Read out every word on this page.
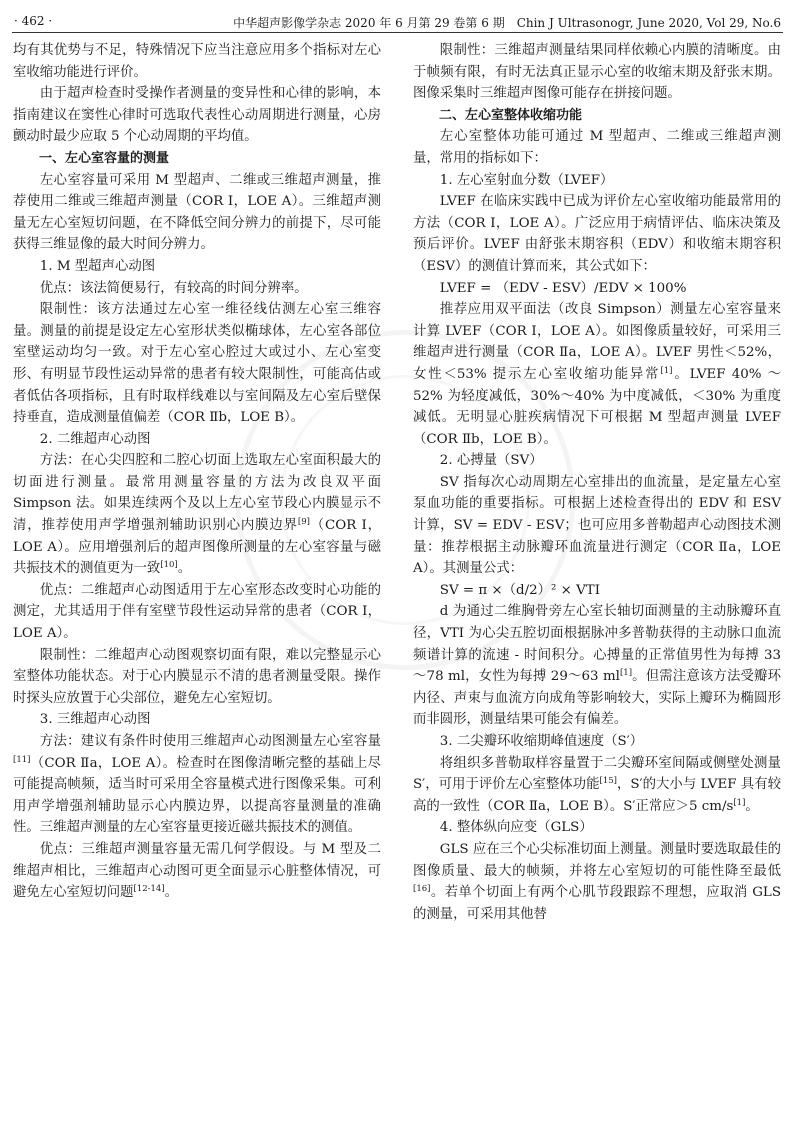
· 462 ·	中华超声影像学杂志 2020 年 6 月第 29 卷第 6 期　Chin J Ultrasonogr, June 2020, Vol 29, No.6

均有其优势与不足，特殊情况下应当注意应用多个指标对左心室收缩功能进行评价。

由于超声检查时受操作者测量的变异性和心律的影响，本指南建议在窦性心律时可选取代表性心动周期进行测量，心房颤动时最少应取 5 个心动周期的平均值。

一、左心室容量的测量

左心室容量可采用 M 型超声、二维或三维超声测量，推荐使用二维或三维超声测量（COR Ⅰ，LOE A）。三维超声测量无左心室短切问题，在不降低空间分辨力的前提下，尽可能获得三维显像的最大时间分辨力。

1. M 型超声心动图

优点：该法简便易行，有较高的时间分辨率。

限制性：该方法通过左心室一维径线估测左心室三维容量。测量的前提是设定左心室形状类似椭球体，左心室各部位室壁运动均匀一致。对于左心室心腔过大或过小、左心室变形、有明显节段性运动异常的患者有较大限制性，可能高估或者低估各项指标，且有时取样线难以与室间隔及左心室后壁保持垂直，造成测量值偏差（COR Ⅱb，LOE B）。

2. 二维超声心动图

方法：在心尖四腔和二腔心切面上选取左心室面积最大的切面进行测量。最常用测量容量的方法为改良双平面 Simpson 法。如果连续两个及以上左心室节段心内膜显示不清，推荐使用声学增强剂辅助识别心内膜边界[9]（COR Ⅰ，LOE A）。应用增强剂后的超声图像所测量的左心室容量与磁共振技术的测值更为一致[10]。

优点：二维超声心动图适用于左心室形态改变时心功能的测定，尤其适用于伴有室壁节段性运动异常的患者（COR Ⅰ，LOE A）。

限制性：二维超声心动图观察切面有限，难以完整显示心室整体功能状态。对于心内膜显示不清的患者测量受限。操作时探头应放置于心尖部位，避免左心室短切。

3. 三维超声心动图

方法：建议有条件时使用三维超声心动图测量左心室容量[11]（COR Ⅱa，LOE A）。检查时在图像清晰完整的基础上尽可能提高帧频，适当时可采用全容量模式进行图像采集。可利用声学增强剂辅助显示心内膜边界，以提高容量测量的准确性。三维超声测量的左心室容量更接近磁共振技术的测值。

优点：三维超声测量容量无需几何学假设。与 M 型及二维超声相比，三维超声心动图可更全面显示心脏整体情况，可避免左心室短切问题[12-14]。

限制性：三维超声测量结果同样依赖心内膜的清晰度。由于帧频有限，有时无法真正显示心室的收缩末期及舒张末期。图像采集时三维超声图像可能存在拼接问题。

二、左心室整体收缩功能

左心室整体功能可通过 M 型超声、二维或三维超声测量，常用的指标如下：

1. 左心室射血分数（LVEF）

LVEF 在临床实践中已成为评价左心室收缩功能最常用的方法（COR Ⅰ，LOE A）。广泛应用于病情评估、临床决策及预后评价。LVEF 由舒张末期容积（EDV）和收缩末期容积（ESV）的测值计算而来，其公式如下：

LVEF = （EDV - ESV）/EDV × 100%

推荐应用双平面法（改良 Simpson）测量左心室容量来计算 LVEF（COR Ⅰ，LOE A）。如图像质量较好，可采用三维超声进行测量（COR Ⅱa，LOE A）。LVEF 男性＜52%，女性＜53% 提示左心室收缩功能异常[1]。LVEF 40% ～ 52% 为轻度减低，30%～40% 为中度减低，＜30% 为重度减低。无明显心脏疾病情况下可根据 M 型超声测量 LVEF（COR Ⅱb，LOE B）。

2. 心搏量（SV）

SV 指每次心动周期左心室排出的血流量，是定量左心室泵血功能的重要指标。可根据上述检查得出的 EDV 和 ESV 计算，SV = EDV - ESV；也可应用多普勒超声心动图技术测量：推荐根据主动脉瓣环血流量进行测定（COR Ⅱa，LOE A）。其测量公式：

SV = π ×（d/2）² × VTI

d 为通过二维胸骨旁左心室长轴切面测量的主动脉瓣环直径，VTI 为心尖五腔切面根据脉冲多普勒获得的主动脉口血流频谱计算的流速 - 时间积分。心搏量的正常值男性为每搏 33～78 ml，女性为每搏 29～63 ml[1]。但需注意该方法受瓣环内径、声束与血流方向成角等影响较大，实际上瓣环为椭圆形而非圆形，测量结果可能会有偏差。

3. 二尖瓣环收缩期峰值速度（S′）

将组织多普勒取样容量置于二尖瓣环室间隔或侧壁处测量 S′，可用于评价左心室整体功能[15]，S′的大小与 LVEF 具有较高的一致性（COR Ⅱa，LOE B）。S′正常应＞5 cm/s[1]。

4. 整体纵向应变（GLS）

GLS 应在三个心尖标准切面上测量。测量时要选取最佳的图像质量、最大的帧频，并将左心室短切的可能性降至最低[16]。若单个切面上有两个心肌节段跟踪不理想，应取消 GLS 的测量，可采用其他替
